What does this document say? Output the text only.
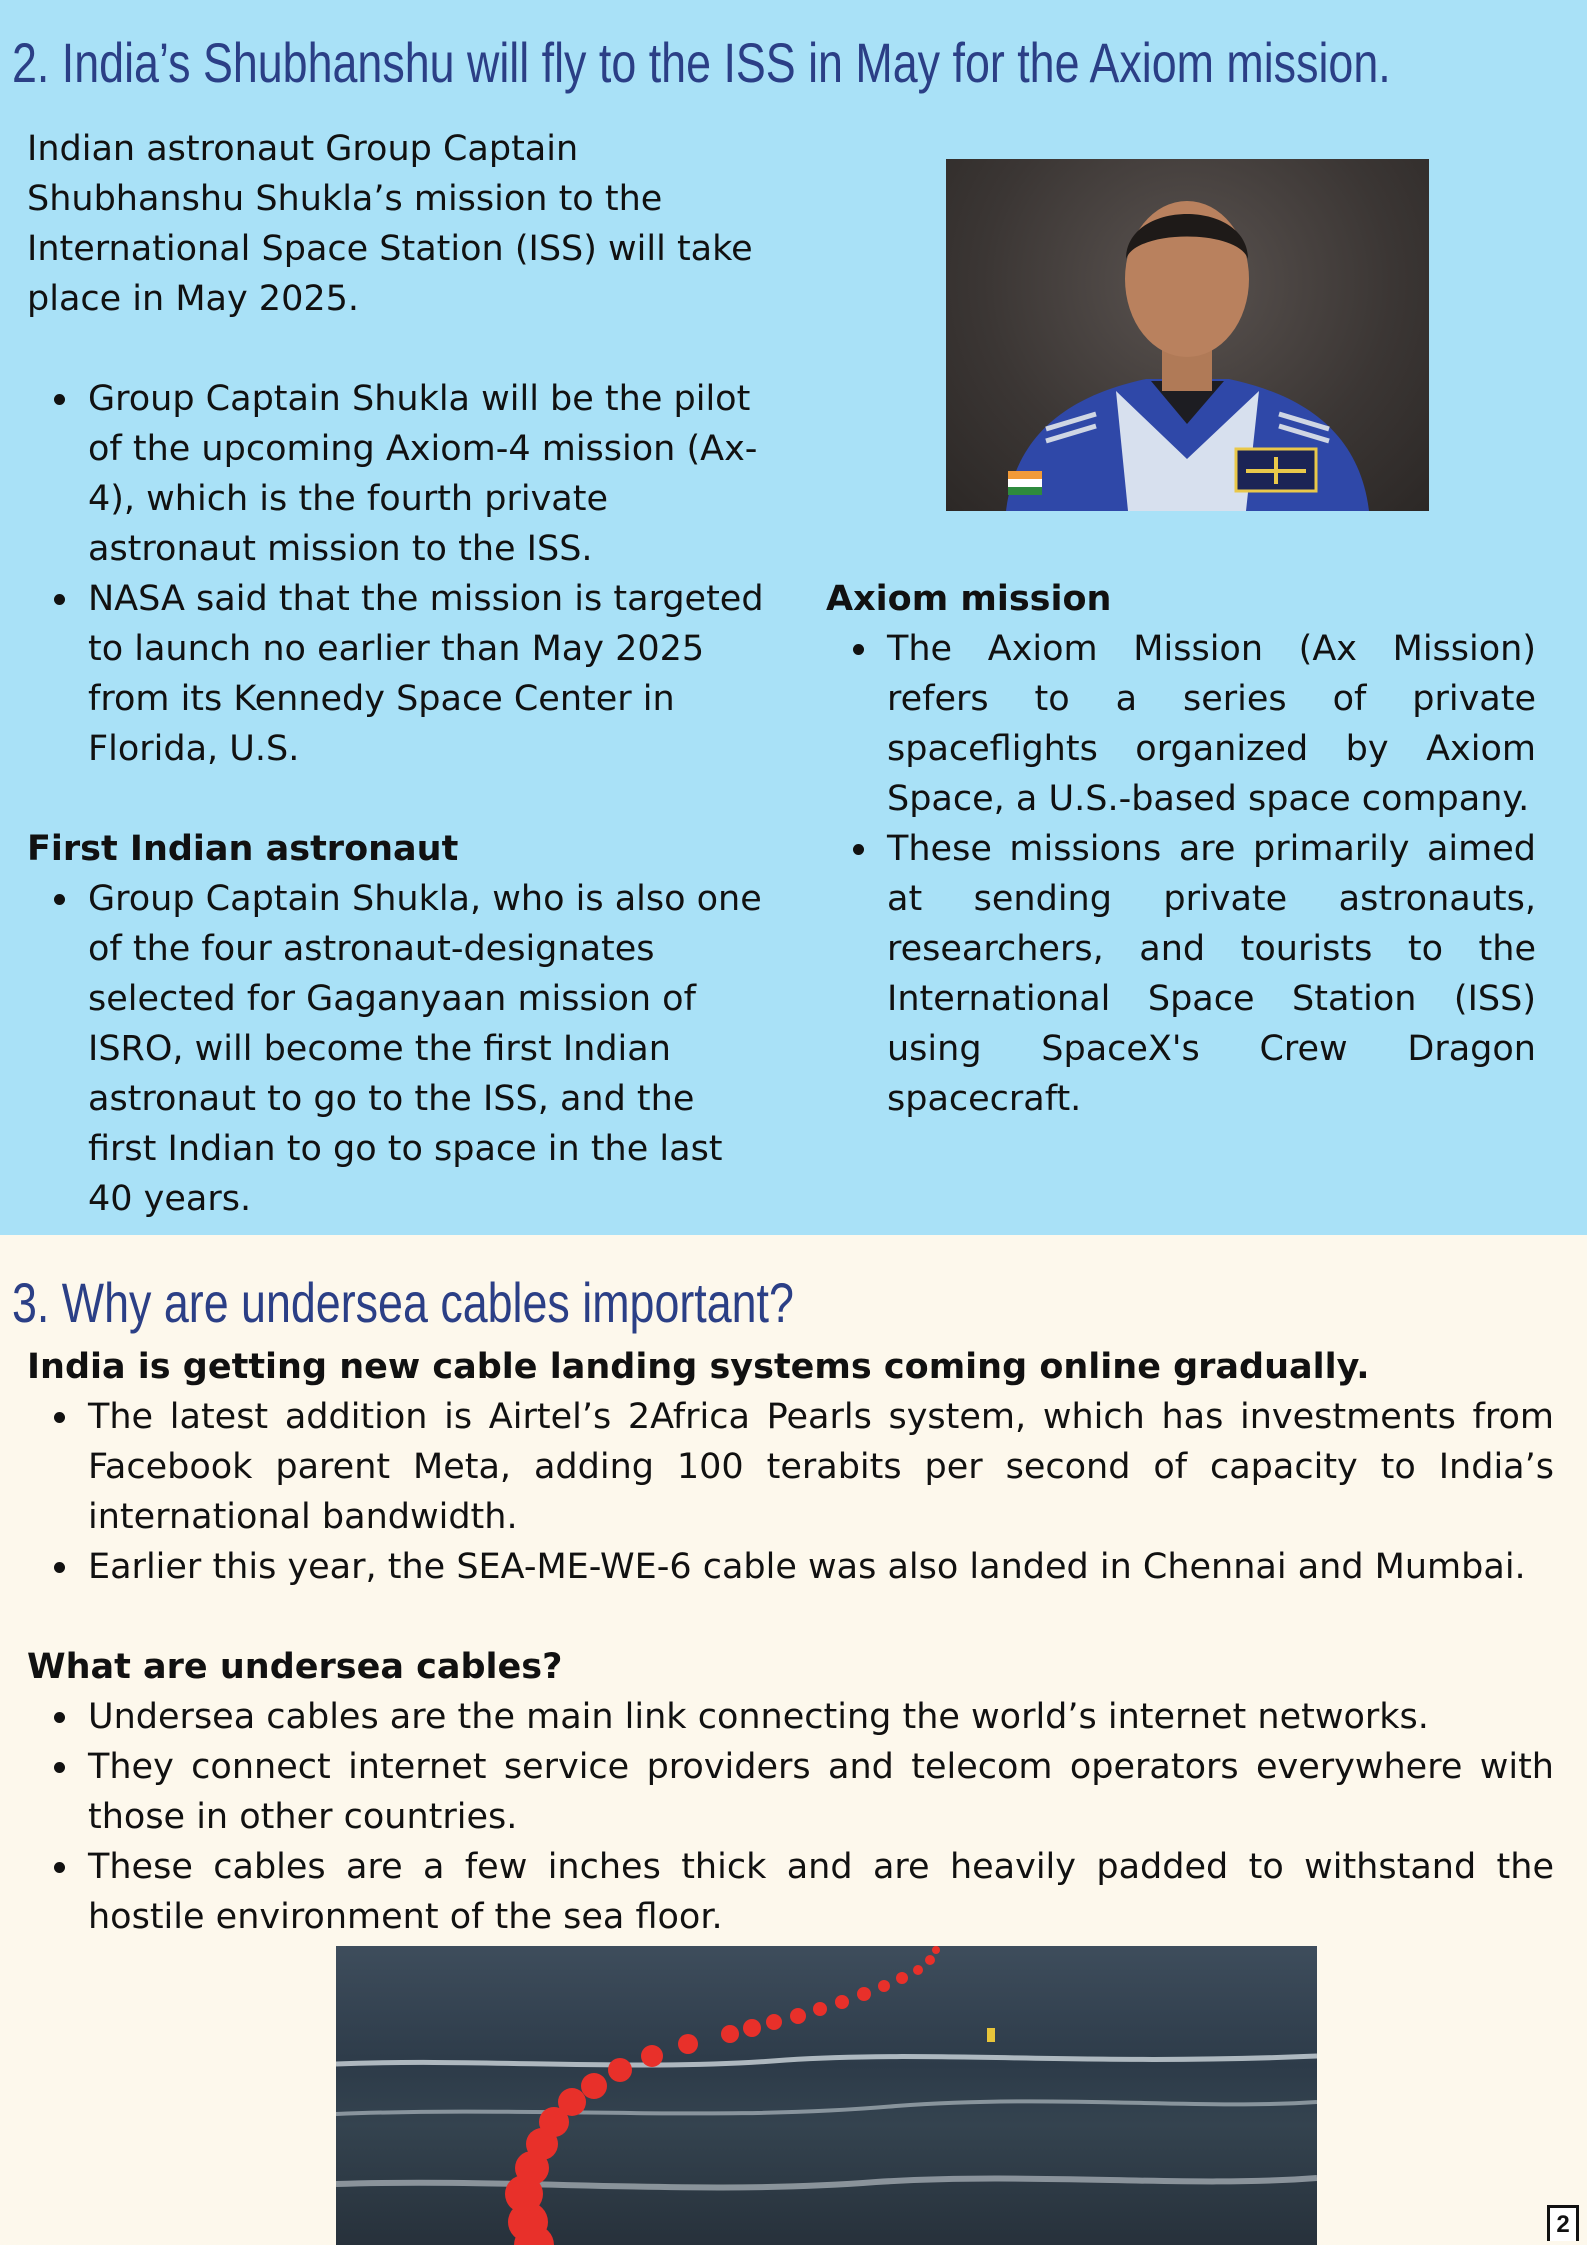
2. India’s Shubhanshu will fly to the ISS in May for the Axiom mission.

Indian astronaut Group Captain Shubhanshu Shukla’s mission to the International Space Station (ISS) will take place in May 2025.

Group Captain Shukla will be the pilot of the upcoming Axiom-4 mission (Ax-4), which is the fourth private astronaut mission to the ISS.
NASA said that the mission is targeted to launch no earlier than May 2025 from its Kennedy Space Center in Florida, U.S.

First Indian astronaut

Group Captain Shukla, who is also one of the four astronaut-designates selected for Gaganyaan mission of ISRO, will become the first Indian astronaut to go to the ISS, and the first Indian to go to space in the last 40 years.

Axiom mission

The Axiom Mission (Ax Mission) refers to a series of private spaceflights organized by Axiom Space, a U.S.-based space company.
These missions are primarily aimed at sending private astronauts, researchers, and tourists to the International Space Station (ISS) using SpaceX's Crew Dragon spacecraft.
3. Why are undersea cables important?

India is getting new cable landing systems coming online gradually.

The latest addition is Airtel’s 2Africa Pearls system, which has investments from Facebook parent Meta, adding 100 terabits per second of capacity to India’s international bandwidth.
Earlier this year, the SEA-ME-WE-6 cable was also landed in Chennai and Mumbai.

What are undersea cables?

Undersea cables are the main link connecting the world’s internet networks.
They connect internet service providers and telecom operators everywhere with those in other countries.
These cables are a few inches thick and are heavily padded to withstand the hostile environment of the sea floor.
2
